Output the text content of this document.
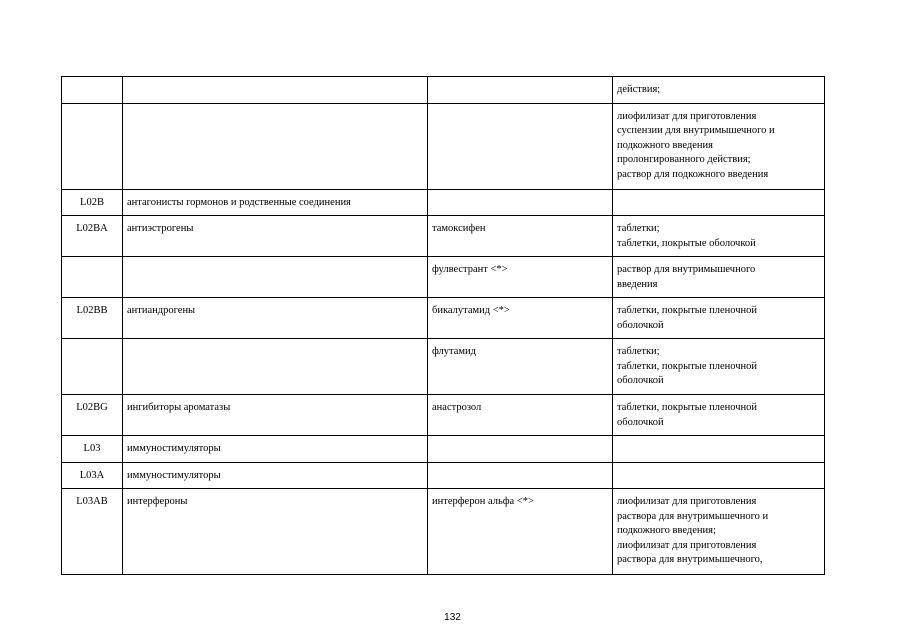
			действия;
			лиофилизат для приготовления
суспензии для внутримышечного и
подкожного введения
пролонгированного действия;
раствор для подкожного введения
L02B	антагонисты гормонов и родственные соединения		
L02BA	антиэстрогены	тамоксифен	таблетки;
таблетки, покрытые оболочкой
		фулвестрант <*>	раствор для внутримышечного
введения
L02BB	антиандрогены	бикалутамид <*>	таблетки, покрытые пленочной
оболочкой
		флутамид	таблетки;
таблетки, покрытые пленочной
оболочкой
L02BG	ингибиторы ароматазы	анастрозол	таблетки, покрытые пленочной
оболочкой
L03	иммуностимуляторы		
L03A	иммуностимуляторы		
L03AB	интерфероны	интерферон альфа <*>	лиофилизат для приготовления
раствора для внутримышечного и
подкожного введения;
лиофилизат для приготовления
раствора для внутримышечного,
132
